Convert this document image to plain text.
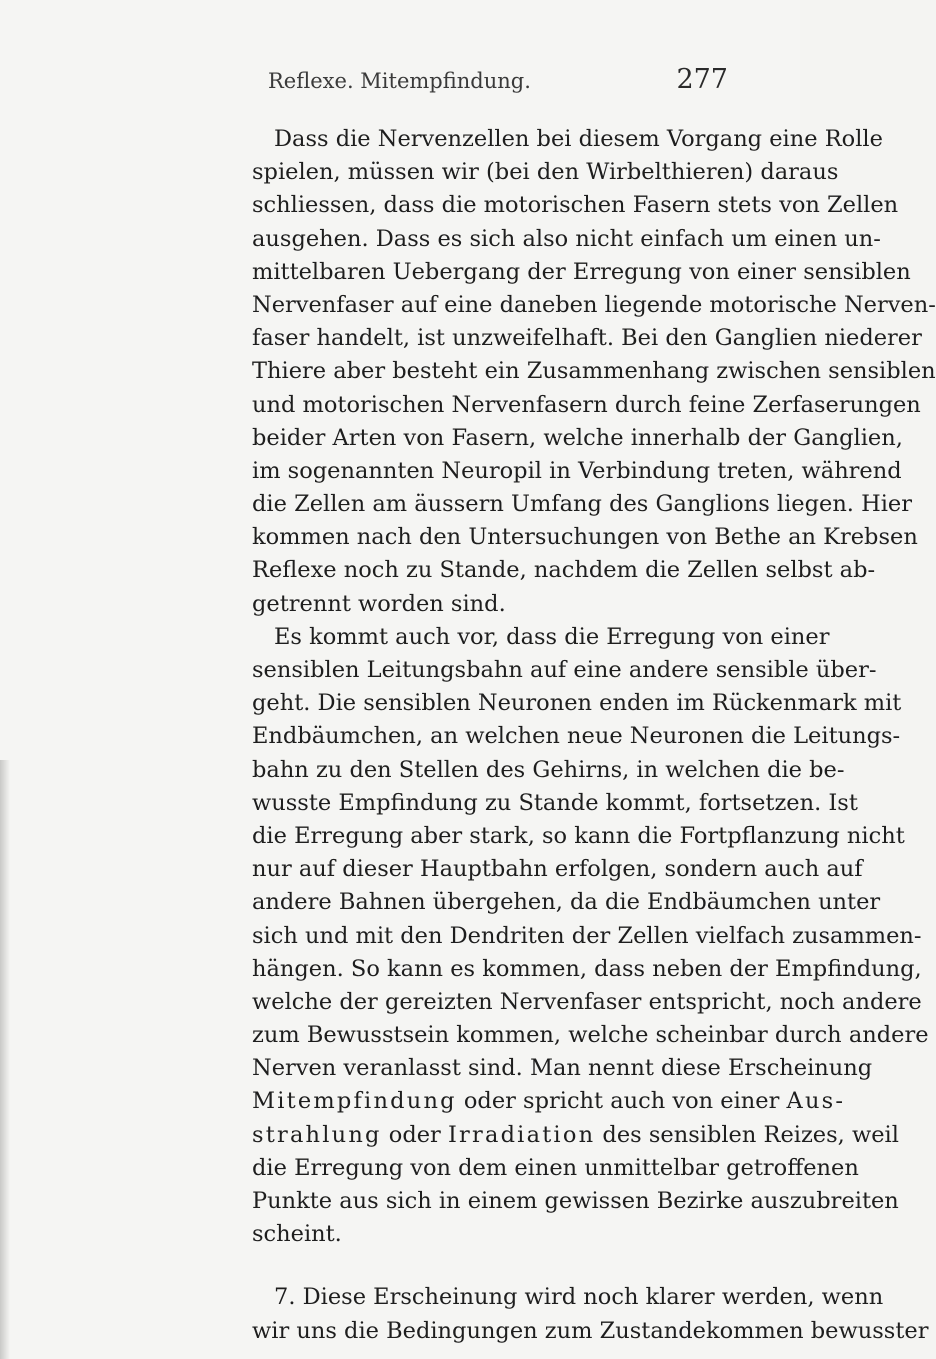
Reflexe. Mitempfindung.	277
Dass die Nervenzellen bei diesem Vorgang eine Rolle
spielen, müssen wir (bei den Wirbelthieren) daraus
schliessen, dass die motorischen Fasern stets von Zellen
ausgehen. Dass es sich also nicht einfach um einen un-
mittelbaren Uebergang der Erregung von einer sensiblen
Nervenfaser auf eine daneben liegende motorische Nerven-
faser handelt, ist unzweifelhaft. Bei den Ganglien niederer
Thiere aber besteht ein Zusammenhang zwischen sensiblen
und motorischen Nervenfasern durch feine Zerfaserungen
beider Arten von Fasern, welche innerhalb der Ganglien,
im sogenannten Neuropil in Verbindung treten, während
die Zellen am äussern Umfang des Ganglions liegen. Hier
kommen nach den Untersuchungen von Bethe an Krebsen
Reflexe noch zu Stande, nachdem die Zellen selbst ab-
getrennt worden sind.
Es kommt auch vor, dass die Erregung von einer
sensiblen Leitungsbahn auf eine andere sensible über-
geht. Die sensiblen Neuronen enden im Rückenmark mit
Endbäumchen, an welchen neue Neuronen die Leitungs-
bahn zu den Stellen des Gehirns, in welchen die be-
wusste Empfindung zu Stande kommt, fortsetzen. Ist
die Erregung aber stark, so kann die Fortpflanzung nicht
nur auf dieser Hauptbahn erfolgen, sondern auch auf
andere Bahnen übergehen, da die Endbäumchen unter
sich und mit den Dendriten der Zellen vielfach zusammen-
hängen. So kann es kommen, dass neben der Empfindung,
welche der gereizten Nervenfaser entspricht, noch andere
zum Bewusstsein kommen, welche scheinbar durch andere
Nerven veranlasst sind. Man nennt diese Erscheinung
Mitempfindung oder spricht auch von einer Aus-
strahlung oder Irradiation des sensiblen Reizes, weil
die Erregung von dem einen unmittelbar getroffenen
Punkte aus sich in einem gewissen Bezirke auszubreiten
scheint.
7. Diese Erscheinung wird noch klarer werden, wenn
wir uns die Bedingungen zum Zustandekommen bewusster
